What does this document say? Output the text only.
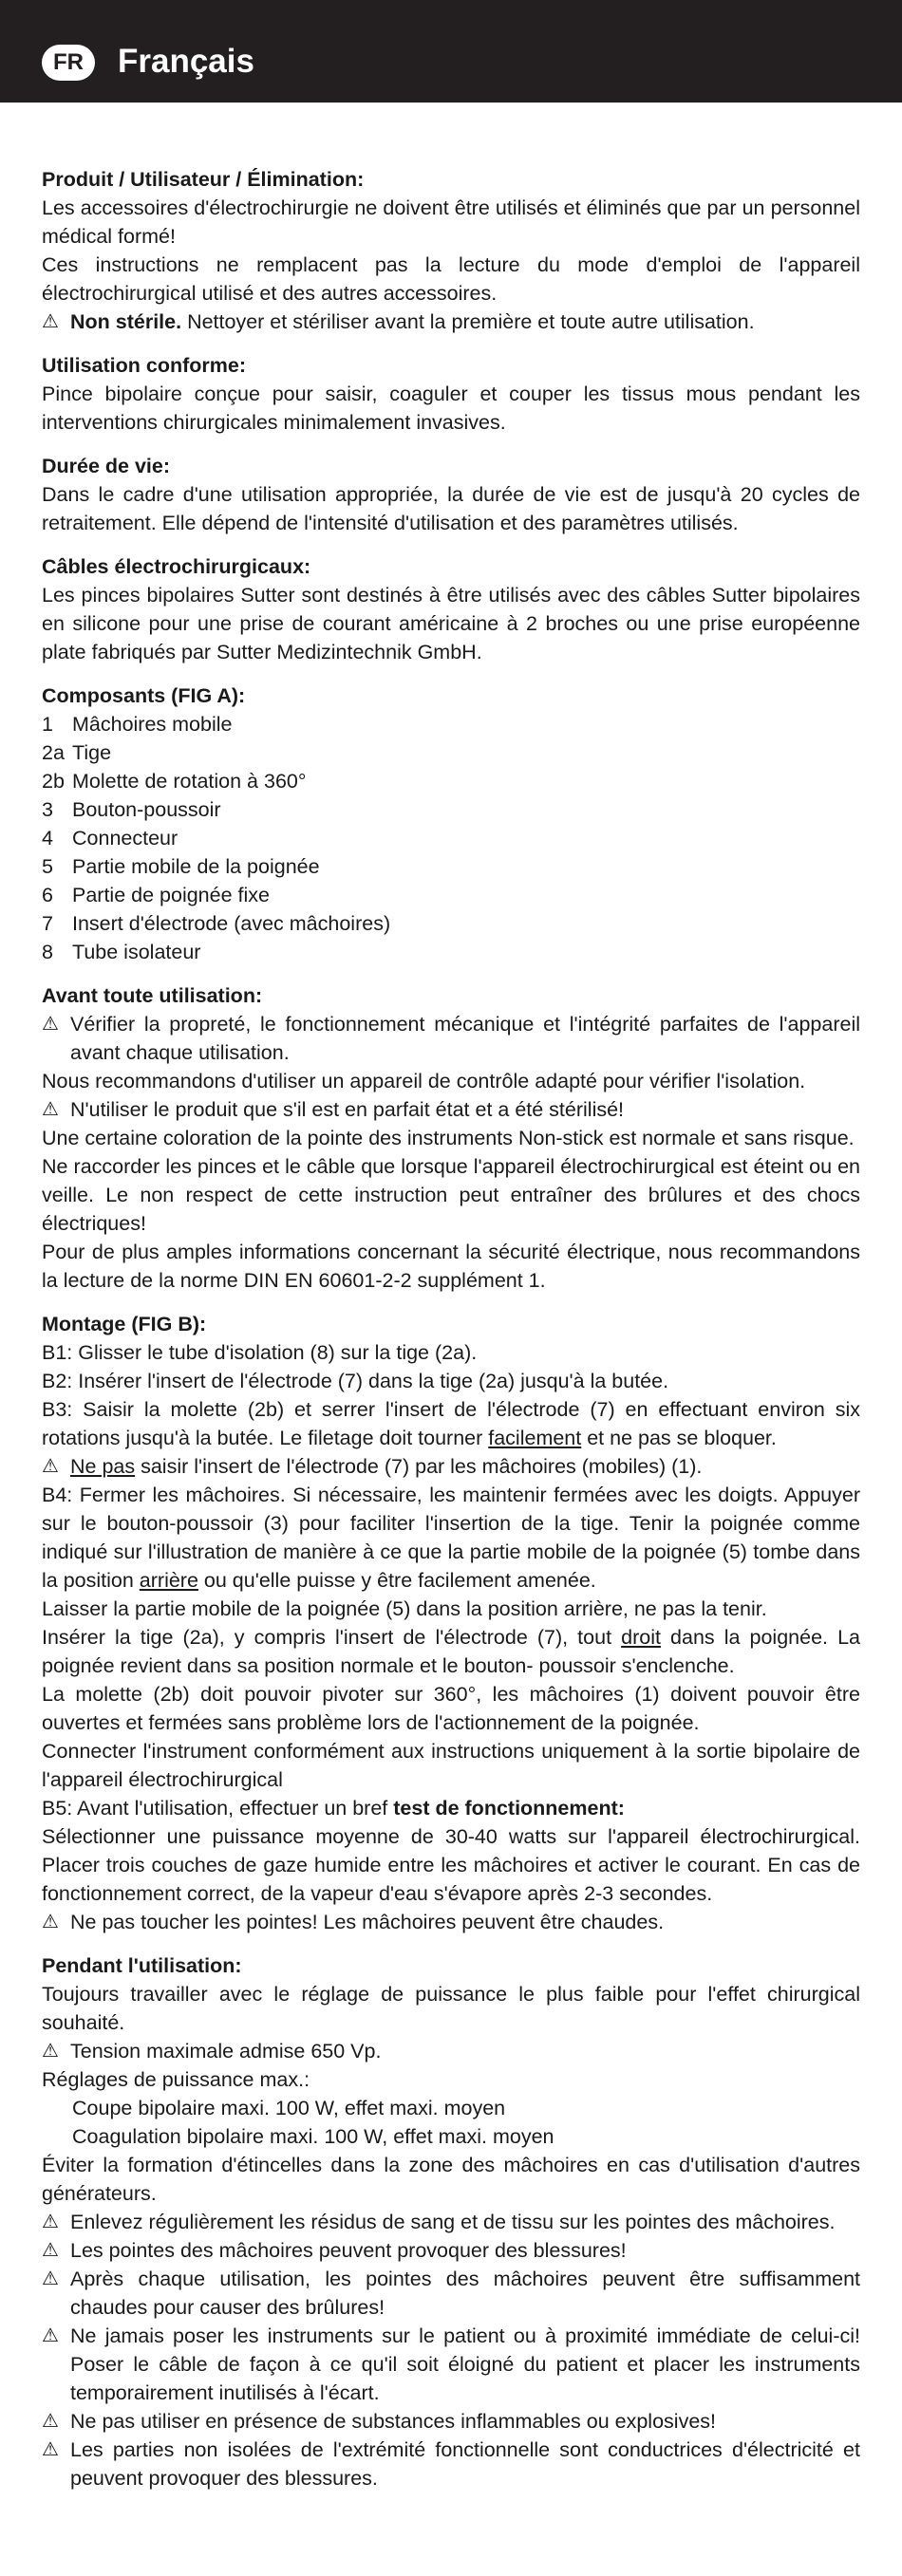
FR	Français
Produit / Utilisateur / Élimination:

Les accessoires d'électrochirurgie ne doivent être utilisés et éliminés que par un personnel médical formé!

Ces instructions ne remplacent pas la lecture du mode d'emploi de l'appareil électrochirurgical utilisé et des autres accessoires.

⚠ Non stérile. Nettoyer et stériliser avant la première et toute autre utilisation.
Utilisation conforme:

Pince bipolaire conçue pour saisir, coaguler et couper les tissus mous pendant les interventions chirurgicales minimalement invasives.

Durée de vie:

Dans le cadre d'une utilisation appropriée, la durée de vie est de jusqu'à 20 cycles de retraitement. Elle dépend de l'intensité d'utilisation et des paramètres utilisés.

Câbles électrochirurgicaux:

Les pinces bipolaires Sutter sont destinés à être utilisés avec des câbles Sutter bipolaires en silicone pour une prise de courant américaine à 2 broches ou une prise européenne plate fabriqués par Sutter Medizintechnik GmbH.

Composants (FIG A):
1 Mâchoires mobile
2a Tige
2b Molette de rotation à 360°
3 Bouton-poussoir
4 Connecteur
5 Partie mobile de la poignée
6 Partie de poignée fixe
7 Insert d'électrode (avec mâchoires)
8 Tube isolateur
Avant toute utilisation:
⚠ Vérifier la propreté, le fonctionnement mécanique et l'intégrité parfaites de l'appareil avant chaque utilisation.

Nous recommandons d'utiliser un appareil de contrôle adapté pour vérifier l'isolation.

⚠ N'utiliser le produit que s'il est en parfait état et a été stérilisé!

Une certaine coloration de la pointe des instruments Non-stick est normale et sans risque.

Ne raccorder les pinces et le câble que lorsque l'appareil électrochirurgical est éteint ou en veille. Le non respect de cette instruction peut entraîner des brûlures et des chocs électriques!

Pour de plus amples informations concernant la sécurité électrique, nous recommandons la lecture de la norme DIN EN 60601-2-2 supplément 1.

Montage (FIG B):

B1: Glisser le tube d'isolation (8) sur la tige (2a).

B2: Insérer l'insert de l'électrode (7) dans la tige (2a) jusqu'à la butée.

B3: Saisir la molette (2b) et serrer l'insert de l'électrode (7) en effectuant environ six rotations jusqu'à la butée. Le filetage doit tourner facilement et ne pas se bloquer.

⚠ Ne pas saisir l'insert de l'électrode (7) par les mâchoires (mobiles) (1).

B4: Fermer les mâchoires. Si nécessaire, les maintenir fermées avec les doigts. Appuyer sur le bouton-poussoir (3) pour faciliter l'insertion de la tige. Tenir la poignée comme indiqué sur l'illustration de manière à ce que la partie mobile de la poignée (5) tombe dans la position arrière ou qu'elle puisse y être facilement amenée.

Laisser la partie mobile de la poignée (5) dans la position arrière, ne pas la tenir.

Insérer la tige (2a), y compris l'insert de l'électrode (7), tout droit dans la poignée. La poignée revient dans sa position normale et le bouton- poussoir s'enclenche.

La molette (2b) doit pouvoir pivoter sur 360°, les mâchoires (1) doivent pouvoir être ouvertes et fermées sans problème lors de l'actionnement de la poignée.

Connecter l'instrument conformément aux instructions uniquement à la sortie bipolaire de l'appareil électrochirurgical

B5: Avant l'utilisation, effectuer un bref test de fonctionnement:

Sélectionner une puissance moyenne de 30-40 watts sur l'appareil électrochirurgical. Placer trois couches de gaze humide entre les mâchoires et activer le courant. En cas de fonctionnement correct, de la vapeur d'eau s'évapore après 2-3 secondes.

⚠ Ne pas toucher les pointes! Les mâchoires peuvent être chaudes.
Pendant l'utilisation:

Toujours travailler avec le réglage de puissance le plus faible pour l'effet chirurgical souhaité.

⚠ Tension maximale admise 650 Vp.

Réglages de puissance max.:

Coupe bipolaire maxi. 100 W, effet maxi. moyen

Coagulation bipolaire maxi. 100 W, effet maxi. moyen

Éviter la formation d'étincelles dans la zone des mâchoires en cas d'utilisation d'autres générateurs.

⚠ Enlevez régulièrement les résidus de sang et de tissu sur les pointes des mâchoires.
⚠ Les pointes des mâchoires peuvent provoquer des blessures!
⚠ Après chaque utilisation, les pointes des mâchoires peuvent être suffisamment chaudes pour causer des brûlures!
⚠ Ne jamais poser les instruments sur le patient ou à proximité immédiate de celui-ci! Poser le câble de façon à ce qu'il soit éloigné du patient et placer les instruments temporairement inutilisés à l'écart.
⚠ Ne pas utiliser en présence de substances inflammables ou explosives!
⚠ Les parties non isolées de l'extrémité fonctionnelle sont conductrices d'électricité et peuvent provoquer des blessures.
